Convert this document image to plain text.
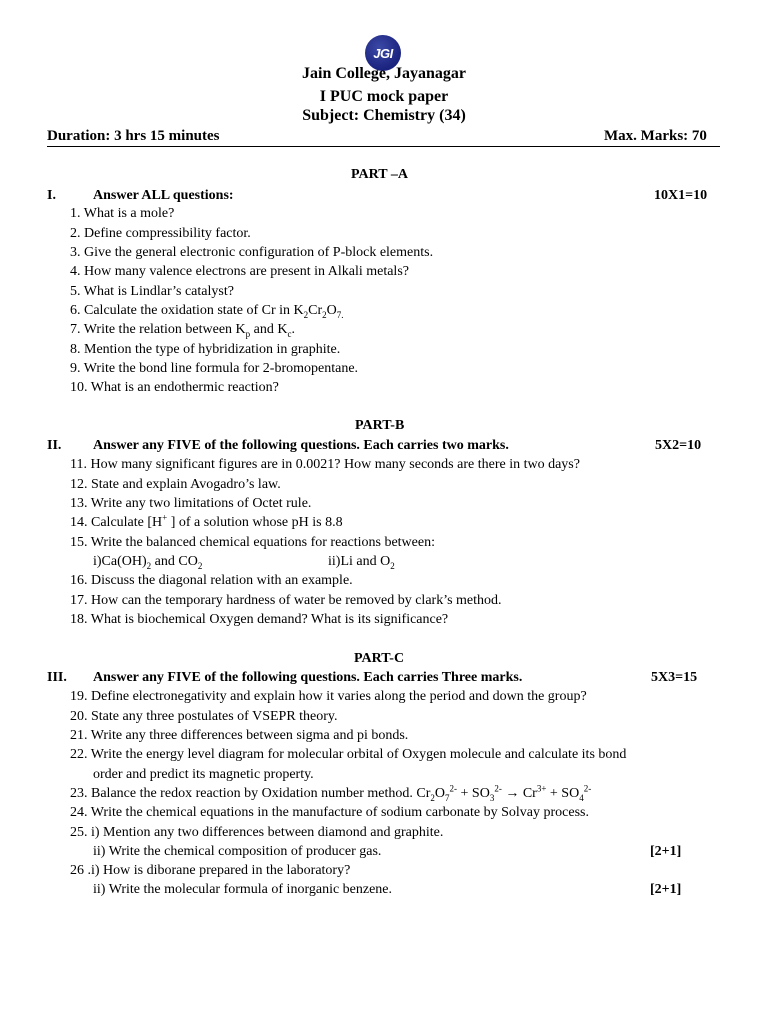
JGI
Jain College, Jayanagar
I PUC mock paper
Subject: Chemistry (34)
Duration: 3 hrs 15 minutes	Max. Marks: 70
PART –A
I.	Answer ALL questions:	10X1=10
1. What is a mole?
2. Define compressibility factor.
3. Give the general electronic configuration of P-block elements.
4. How many valence electrons are present in Alkali metals?
5. What is Lindlar’s catalyst?
6. Calculate the oxidation state of Cr in $K_2Cr_2O_{7.}$
7. Write the relation between $K_p$ and $K_c$.
8. Mention the type of hybridization in graphite.
9. Write the bond line formula for 2-bromopentane.
10. What is an endothermic reaction?
PART-B
II. Answer any FIVE of the following questions. Each carries two marks.	5X2=10
11. How many significant figures are in 0.0021? How many seconds are there in two days?
12. State and explain Avogadro’s law.
13. Write any two limitations of Octet rule.
14. Calculate [H+ ] of a solution whose pH is 8.8
15. Write the balanced chemical equations for reactions between:
$i)Ca(OH)_2$ and $CO_2$	ii)Li and $O_2$
16. Discuss the diagonal relation with an example.
17. How can the temporary hardness of water be removed by clark’s method.
18. What is biochemical Oxygen demand? What is its significance?
PART-C
III. Answer any FIVE of the following questions. Each carries Three marks.	5X3=15
19. Define electronegativity and explain how it varies along the period and down the group?
20. State any three postulates of VSEPR theory.
21. Write any three differences between sigma and pi bonds.
22. Write the energy level diagram for molecular orbital of Oxygen molecule and calculate its bond
order and predict its magnetic property.
23. Balance the redox reaction by Oxidation number method. $Cr_2O_7^{2-} + SO_3^{2-} \to Cr^{3+} + SO_4^{2-}$
24. Write the chemical equations in the manufacture of sodium carbonate by Solvay process.
25. i) Mention any two differences between diamond and graphite.
ii) Write the chemical composition of producer gas.	[2+1]
26 .i) How is diborane prepared in the laboratory?
ii) Write the molecular formula of inorganic benzene.	[2+1]
